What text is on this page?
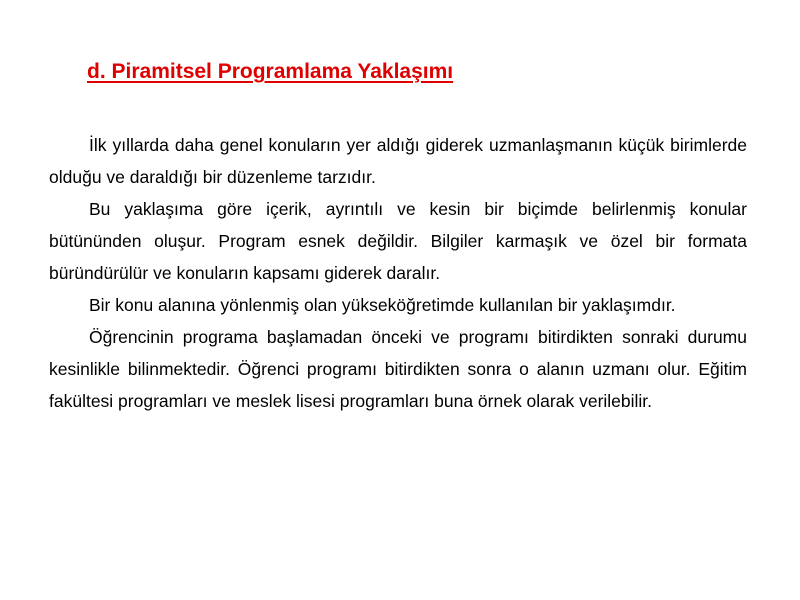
d. Piramitsel Programlama Yaklaşımı

İlk yıllarda daha genel konuların yer aldığı giderek uzmanlaşmanın küçük birimlerde olduğu ve daraldığı bir düzenleme tarzıdır.

Bu yaklaşıma göre içerik, ayrıntılı ve kesin bir biçimde belirlenmiş konular bütününden oluşur. Program esnek değildir. Bilgiler karmaşık ve özel bir formata büründürülür ve konuların kapsamı giderek daralır.

Bir konu alanına yönlenmiş olan yükseköğretimde kullanılan bir yaklaşımdır.

Öğrencinin programa başlamadan önceki ve programı bitirdikten sonraki durumu kesinlikle bilinmektedir. Öğrenci programı bitirdikten sonra o alanın uzmanı olur. Eğitim fakültesi programları ve meslek lisesi programları buna örnek olarak verilebilir.
